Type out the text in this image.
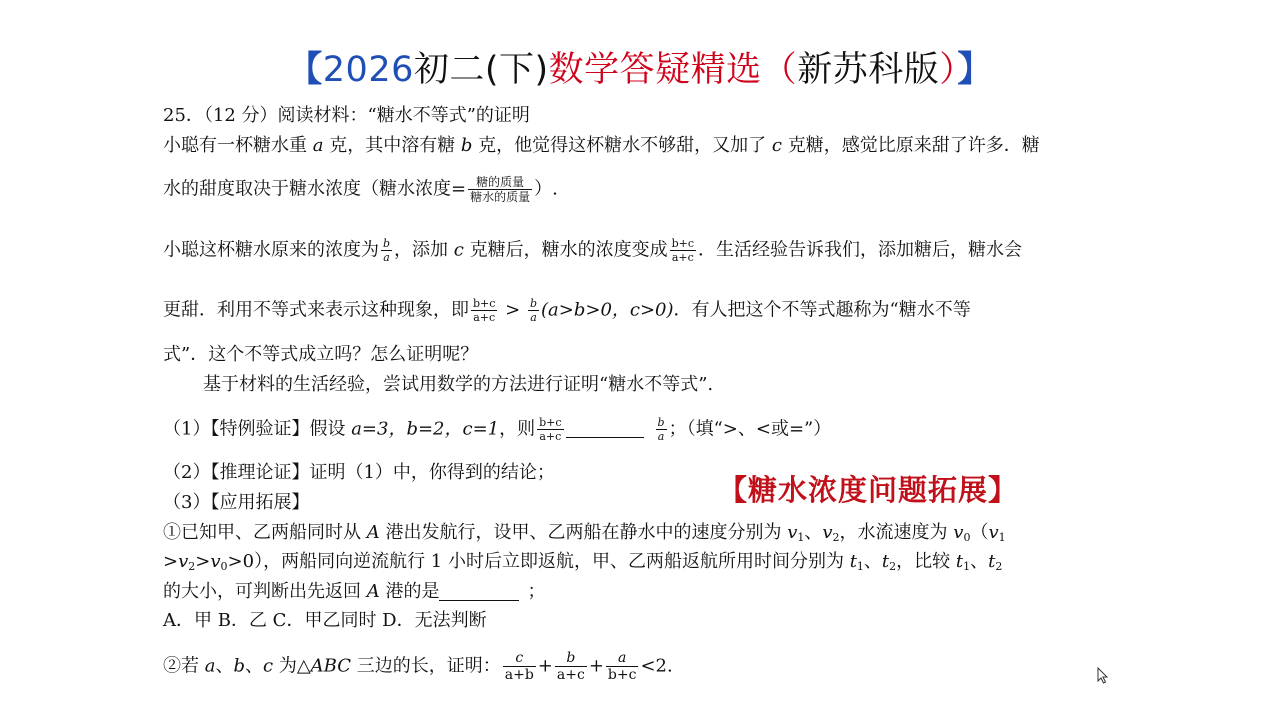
【2026初二(下)数学答疑精选（新苏科版）】
25．（12 分）阅读材料：“糖水不等式”的证明
小聪有一杯糖水重 a 克，其中溶有糖 b 克，他觉得这杯糖水不够甜，又加了 c 克糖，感觉比原来甜了许多．糖
水的甜度取决于糖水浓度（糖水浓度= $\frac{\text{糖的质量}}{\text{糖水的质量}}$ ）.
小聪这杯糖水原来的浓度为 $\frac{b}{a}$ ，添加 c 克糖后，糖水的浓度变成 $\frac{b+c}{a+c}$ ．生活经验告诉我们，添加糖后，糖水会
更甜．利用不等式来表示这种现象，即 $\frac{b+c}{a+c} > \frac{b}{a} (a>b>0$，c>0)．有人把这个不等式趣称为“糖水不等
式”．这个不等式成立吗？怎么证明呢？
基于材料的生活经验，尝试用数学的方法进行证明“糖水不等式”.
（1）【特例验证】假设 a=3，b=2，c=1，则 $\frac{b+c}{a+c}$	$\frac{b}{a}$ ；（填“>、<或=”）
（2）【推理论证】证明（1）中，你得到的结论；
（3）【应用拓展】
①已知甲、乙两船同时从 A 港出发航行，设甲、乙两船在静水中的速度分别为 $v_1$、$v_2$，水流速度为 $v_0(v_1$
$>v_2>v_0>0$），两船同向逆流航行 1 小时后立即返航，甲、乙两船返航所用时间分别为 $t_1$、$t_2$，比较 $t_1$、$t_2$
的大小，可判断出先返回 A 港的是	；
A．甲 B．乙 C．甲乙同时 D．无法判断
②若 a、b、c 为△ABC 三边的长，证明： $\frac{c}{a+b} + \frac{b}{a+c} + \frac{a}{b+c} <2$.
【糖水浓度问题拓展】
